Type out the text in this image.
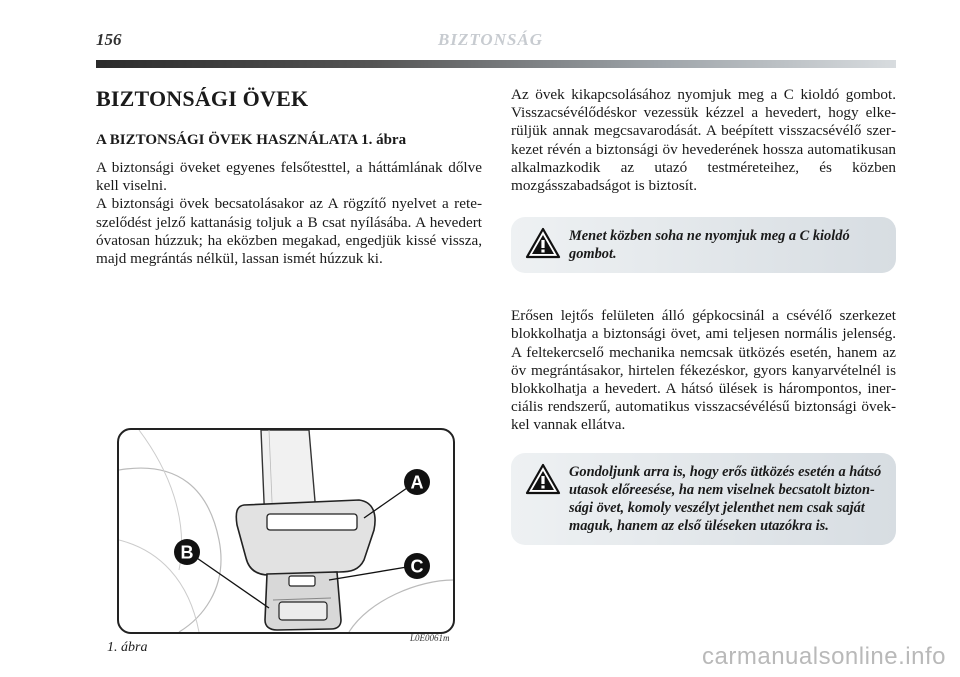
156	BIZTONSÁG
BIZTONSÁGI ÖVEK
A BIZTONSÁGI ÖVEK HASZNÁLATA 1. ábra

A biztonsági öveket egyenes felsőtesttel, a háttámlának dőlve kell viselni.

A biztonsági övek becsatolásakor az A rögzítő nyelvet a reteszelődést jelző kattanásig toljuk a B csat nyílásába. A hevedert óvatosan húzzuk; ha eközben megakad, engedjük kissé vissza, majd megrántás nélkül, lassan ismét húzzuk ki.

Az övek kikapcsolásához nyomjuk meg a C kioldó gombot. Visszacsévélődéskor vezessük kézzel a hevedert, hogy elkerüljük annak megcsavarodását. A beépített visszacsévélő szerkezet révén a biztonsági öv hevederének hossza automatikusan alkalmazkodik az utazó testméreteihez, és közben mozgásszabadságot is biztosít.

Menet közben soha ne nyomjuk meg a C kioldó gombot.

Erősen lejtős felületen álló gépkocsinál a csévélő szerkezet blokkolhatja a biztonsági övet, ami teljesen normális jelenség. A feltekercselő mechanika nemcsak ütközés esetén, hanem az öv megrántásakor, hirtelen fékezéskor, gyors kanyarvételnél is blokkolhatja a hevedert. A hátsó ülések is hárompontos, inerciális rendszerű, automatikus visszacsévélésű biztonsági övekkel vannak ellátva.

Gondoljunk arra is, hogy erős ütközés esetén a hátsó utasok előreesése, ha nem viselnek becsatolt biztonsági övet, komoly veszélyt jelenthet nem csak saját maguk, hanem az első üléseken utazókra is.
A
B
C
1. ábra
L0E0061m
carmanualsonline.info
